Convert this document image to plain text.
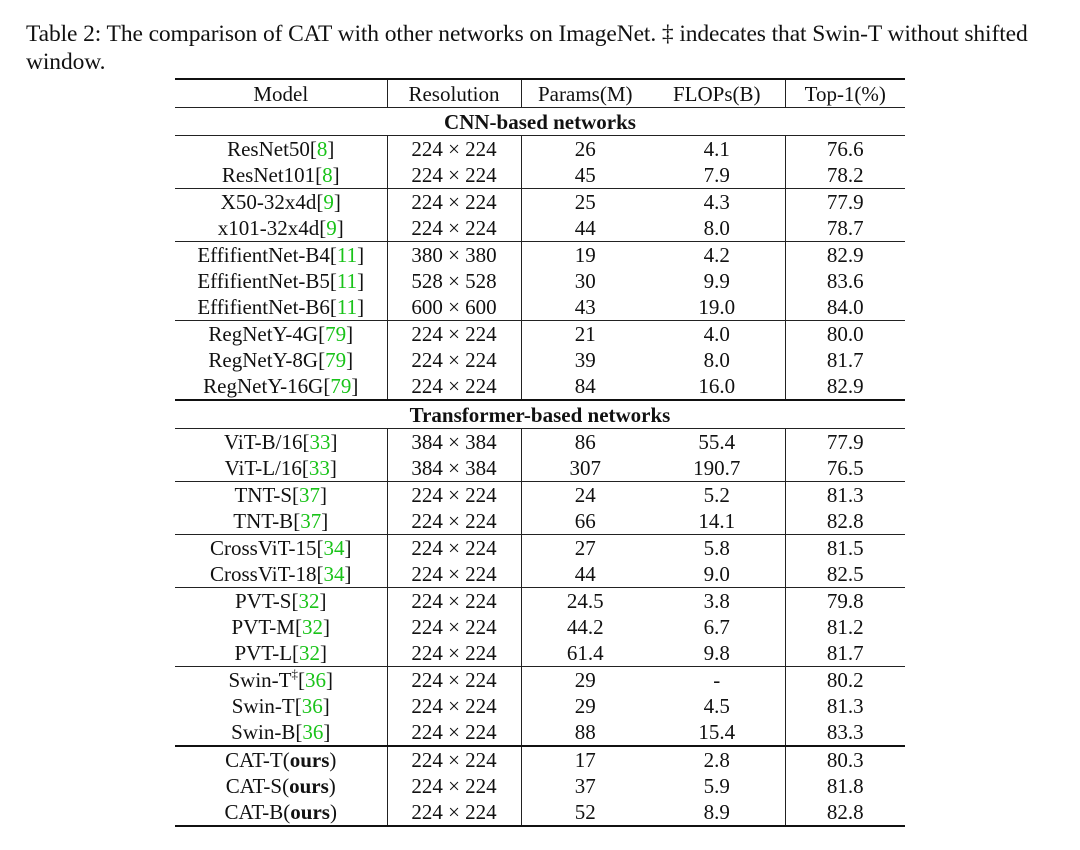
Table 2: The comparison of CAT with other networks on ImageNet. ‡ indecates that Swin-T without shifted window.
Model	Resolution	Params(M)	FLOPs(B)	Top-1(%)
CNN-based networks				
ResNet50[8]	224 × 224	26	4.1	76.6
ResNet101[8]	224 × 224	45	7.9	78.2
X50-32x4d[9]	224 × 224	25	4.3	77.9
x101-32x4d[9]	224 × 224	44	8.0	78.7
EffifientNet-B4[11]	380 × 380	19	4.2	82.9
EffifientNet-B5[11]	528 × 528	30	9.9	83.6
EffifientNet-B6[11]	600 × 600	43	19.0	84.0
RegNetY-4G[79]	224 × 224	21	4.0	80.0
RegNetY-8G[79]	224 × 224	39	8.0	81.7
RegNetY-16G[79]	224 × 224	84	16.0	82.9
Transformer-based networks				
ViT-B/16[33]	384 × 384	86	55.4	77.9
ViT-L/16[33]	384 × 384	307	190.7	76.5
TNT-S[37]	224 × 224	24	5.2	81.3
TNT-B[37]	224 × 224	66	14.1	82.8
CrossViT-15[34]	224 × 224	27	5.8	81.5
CrossViT-18[34]	224 × 224	44	9.0	82.5
PVT-S[32]	224 × 224	24.5	3.8	79.8
PVT-M[32]	224 × 224	44.2	6.7	81.2
PVT-L[32]	224 × 224	61.4	9.8	81.7
Swin-T‡[36]	224 × 224	29	-	80.2
Swin-T[36]	224 × 224	29	4.5	81.3
Swin-B[36]	224 × 224	88	15.4	83.3
CAT-T(ours)	224 × 224	17	2.8	80.3
CAT-S(ours)	224 × 224	37	5.9	81.8
CAT-B(ours)	224 × 224	52	8.9	82.8
